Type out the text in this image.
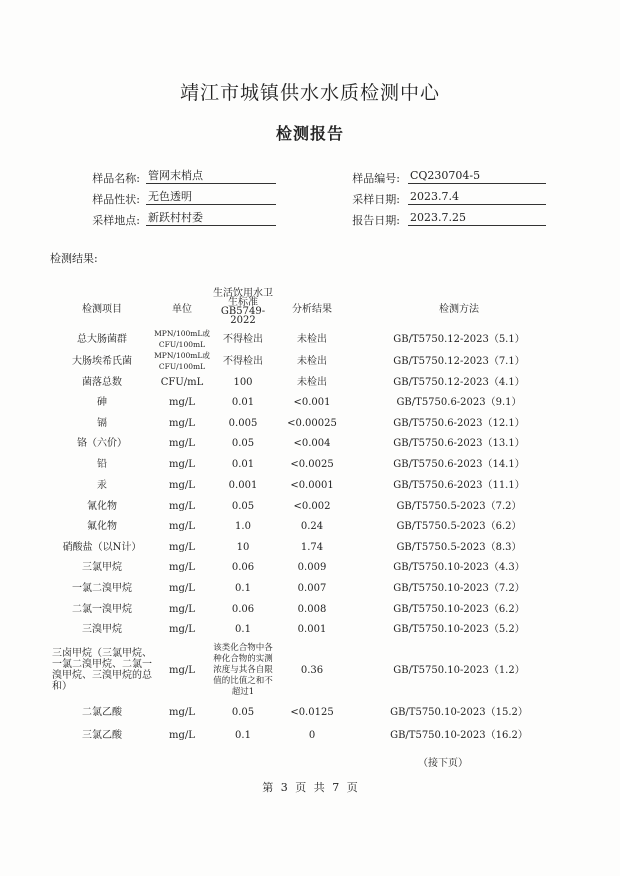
靖江市城镇供水水质检测中心
检测报告
样品名称: 管网末梢点
样品性状: 无色透明
采样地点: 新跃村村委
样品编号: CQ230704-5
采样日期: 2023.7.4
报告日期: 2023.7.25
检测结果:
检测项目	单位	生活饮用水卫生标准GB5749-2022	分析结果	检测方法
总大肠菌群	MPN/100mL或CFU/100mL	不得检出	未检出	GB/T5750.12-2023（5.1）
大肠埃希氏菌	MPN/100mL或CFU/100mL	不得检出	未检出	GB/T5750.12-2023（7.1）
菌落总数	CFU/mL	100	未检出	GB/T5750.12-2023（4.1）
砷	mg/L	0.01	<0.001	GB/T5750.6-2023（9.1）
镉	mg/L	0.005	<0.00025	GB/T5750.6-2023（12.1）
铬（六价）	mg/L	0.05	<0.004	GB/T5750.6-2023（13.1）
铅	mg/L	0.01	<0.0025	GB/T5750.6-2023（14.1）
汞	mg/L	0.001	<0.0001	GB/T5750.6-2023（11.1）
氰化物	mg/L	0.05	<0.002	GB/T5750.5-2023（7.2）
氟化物	mg/L	1.0	0.24	GB/T5750.5-2023（6.2）
硝酸盐（以N计）	mg/L	10	1.74	GB/T5750.5-2023（8.3）
三氯甲烷	mg/L	0.06	0.009	GB/T5750.10-2023（4.3）
一氯二溴甲烷	mg/L	0.1	0.007	GB/T5750.10-2023（7.2）
二氯一溴甲烷	mg/L	0.06	0.008	GB/T5750.10-2023（6.2）
三溴甲烷	mg/L	0.1	0.001	GB/T5750.10-2023（5.2）
三卤甲烷（三氯甲烷、一氯二溴甲烷、二氯一溴甲烷、三溴甲烷的总和）	mg/L	该类化合物中各种化合物的实测浓度与其各自限值的比值之和不超过1	0.36	GB/T5750.10-2023（1.2）
二氯乙酸	mg/L	0.05	<0.0125	GB/T5750.10-2023（15.2）
三氯乙酸	mg/L	0.1	0	GB/T5750.10-2023（16.2）
（接下页）
第 3 页 共 7 页
